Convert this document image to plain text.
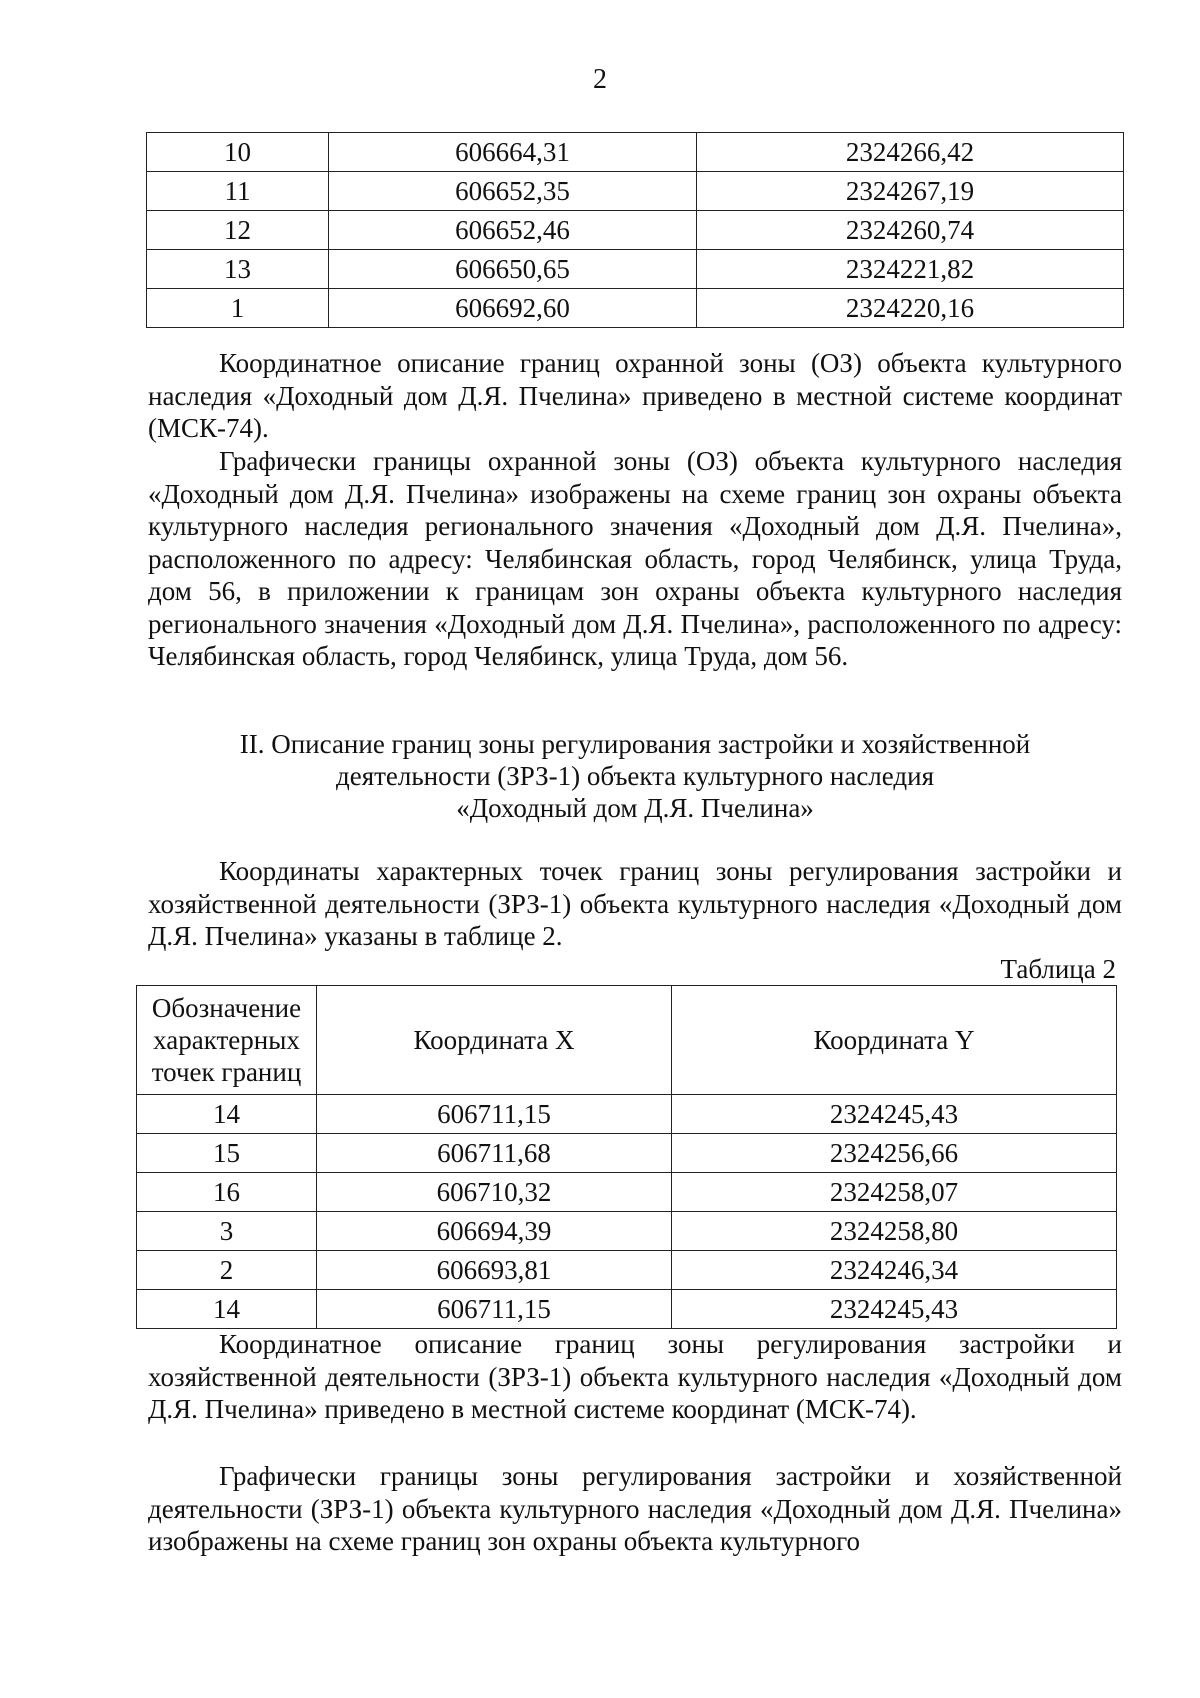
2
10	606664,31	2324266,42
11	606652,35	2324267,19
12	606652,46	2324260,74
13	606650,65	2324221,82
1	606692,60	2324220,16

Координатное описание границ охранной зоны (ОЗ) объекта культурного наследия «Доходный дом Д.Я. Пчелина» приведено в местной системе координат (МСК-74).

Графически границы охранной зоны (ОЗ) объекта культурного наследия «Доходный дом Д.Я. Пчелина» изображены на схеме границ зон охраны объекта культурного наследия регионального значения «Доходный дом Д.Я. Пчелина», расположенного по адресу: Челябинская область, город Челябинск, улица Труда, дом 56, в приложении к границам зон охраны объекта культурного наследия регионального значения «Доходный дом Д.Я. Пчелина», расположенного по адресу: Челябинская область, город Челябинск, улица Труда, дом 56.

II. Описание границ зоны регулирования застройки и хозяйственной
деятельности (ЗРЗ-1) объекта культурного наследия
«Доходный дом Д.Я. Пчелина»

Координаты характерных точек границ зоны регулирования застройки и хозяйственной деятельности (ЗРЗ-1) объекта культурного наследия «Доходный дом Д.Я. Пчелина» указаны в таблице 2.

Таблица 2
Обозначение
характерных
точек границ	Координата X	Координата Y
14	606711,15	2324245,43
15	606711,68	2324256,66
16	606710,32	2324258,07
3	606694,39	2324258,80
2	606693,81	2324246,34
14	606711,15	2324245,43

Координатное описание границ зоны регулирования застройки и хозяйственной деятельности (ЗРЗ-1) объекта культурного наследия «Доходный дом Д.Я. Пчелина» приведено в местной системе координат (МСК-74).

Графически границы зоны регулирования застройки и хозяйственной деятельности (ЗРЗ-1) объекта культурного наследия «Доходный дом Д.Я. Пчелина» изображены на схеме границ зон охраны объекта культурного
